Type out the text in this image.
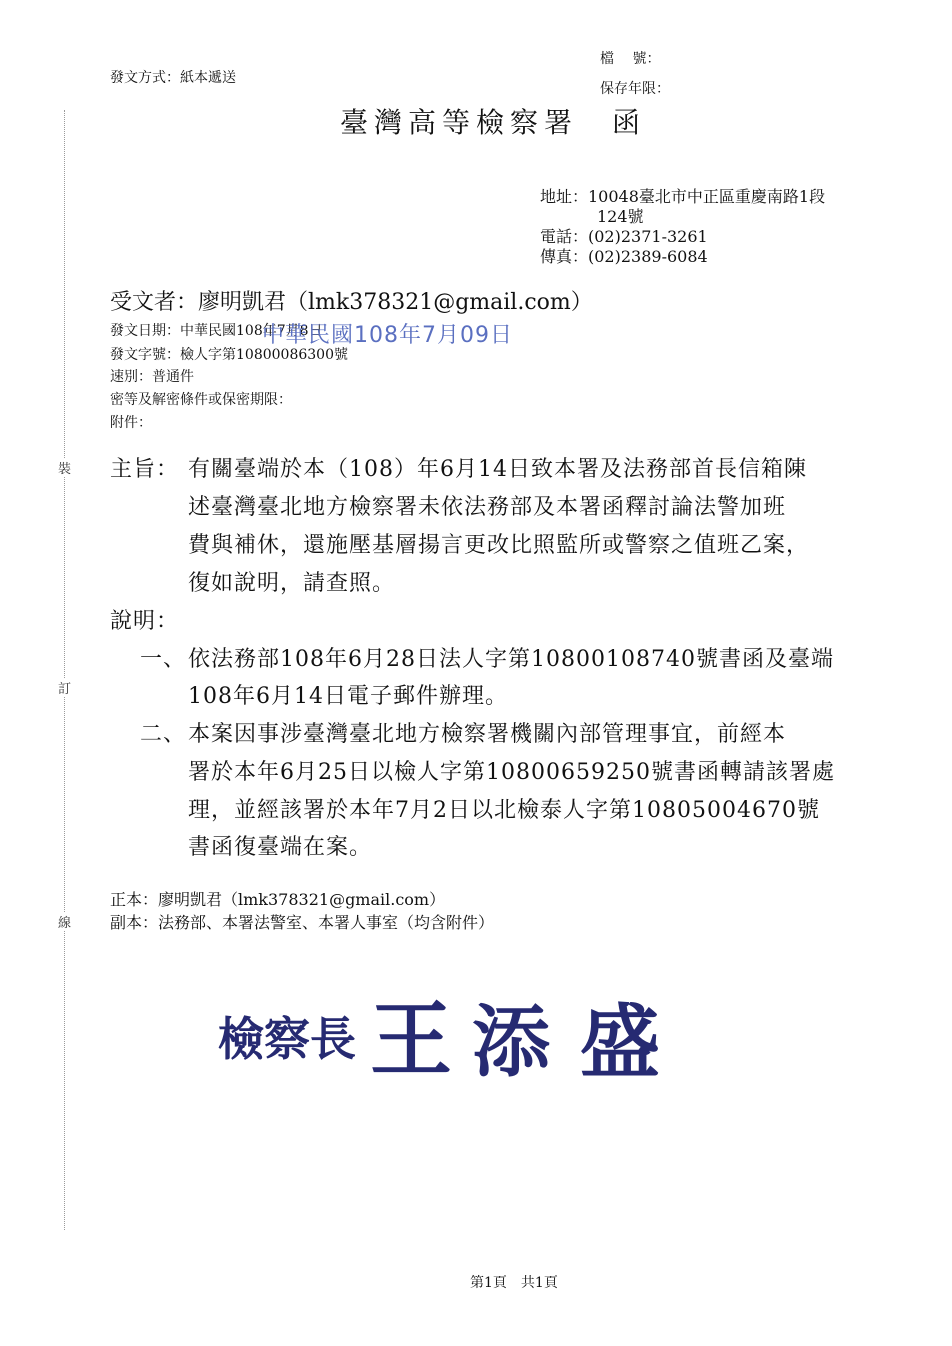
裝
訂
線
發文方式：紙本遞送
檔　 號：
保存年限：
臺灣高等檢察署　函
地址：10048臺北市中正區重慶南路1段
124號
電話：(02)2371-3261
傳真：(02)2389-6084
受文者：廖明凱君（lmk378321@gmail.com）
發文日期：中華民國108年7月8日
中華民國108年7月09日
發文字號：檢人字第10800086300號
速別：普通件
密等及解密條件或保密期限：
附件：
主旨： 有關臺端於本（108）年6月14日致本署及法務部首長信箱陳
述臺灣臺北地方檢察署未依法務部及本署函釋討論法警加班
費與補休，還施壓基層揚言更改比照監所或警察之值班乙案，
復如說明，請查照。
說明：
一、 依法務部108年6月28日法人字第10800108740號書函及臺端
108年6月14日電子郵件辦理。
二、 本案因事涉臺灣臺北地方檢察署機關內部管理事宜，前經本
署於本年6月25日以檢人字第10800659250號書函轉請該署處
理，並經該署於本年7月2日以北檢泰人字第10805004670號
書函復臺端在案。
正本：廖明凱君（lmk378321@gmail.com）
副本：法務部、本署法警室、本署人事室（均含附件）
檢察長 王 添 盛
第1頁　共1頁
